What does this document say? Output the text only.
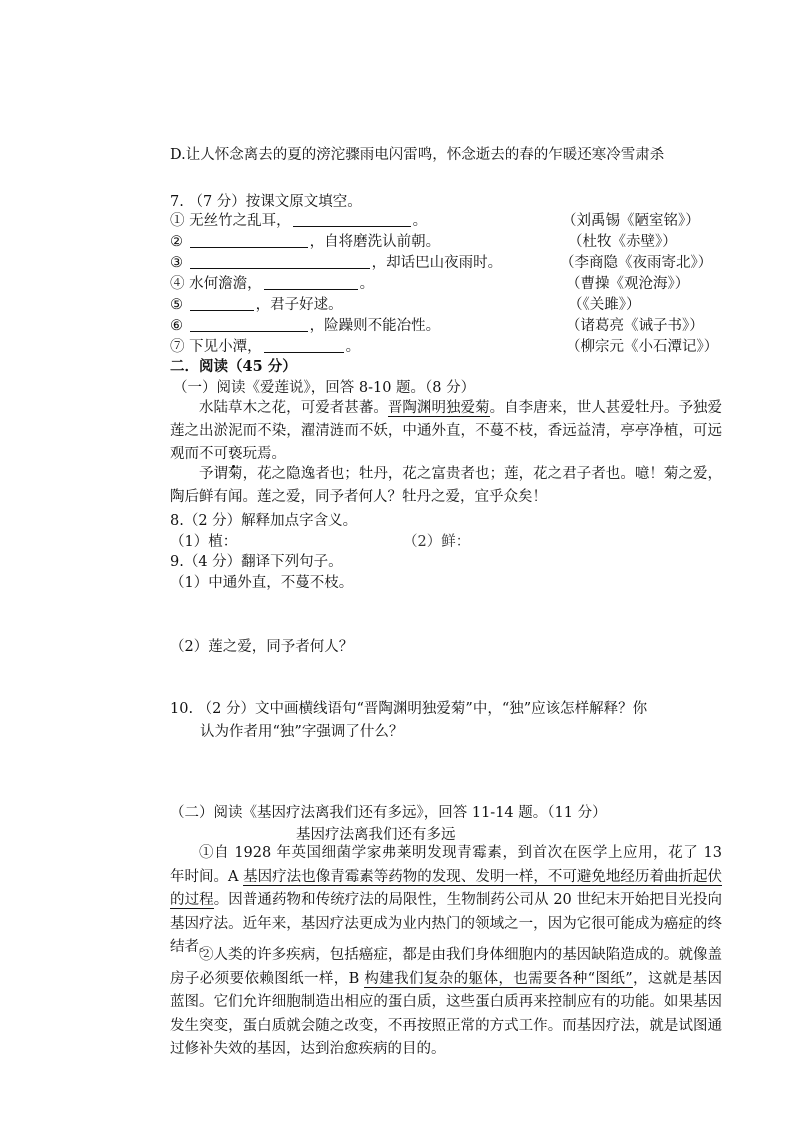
D.让人怀念离去的夏的滂沱骤雨电闪雷鸣，怀念逝去的春的乍暖还寒冷雪肃杀
7. （7 分）按课文原文填空。
① 无丝竹之乱耳，	。	（刘禹锡《陋室铭》）
②	，自将磨洗认前朝。	（杜牧《赤壁》）
③	，却话巴山夜雨时。	（李商隐《夜雨寄北》）
④ 水何澹澹，	。	（曹操《观沧海》）
⑤	，君子好逑。	（《关雎》）
⑥	，险躁则不能冶性。	（诸葛亮《诫子书》）
⑦ 下见小潭，	。	（柳宗元《小石潭记》）
二．阅读（45 分）
（一）阅读《爱莲说》，回答 8-10 题。（8 分）
水陆草木之花，可爱者甚蕃。晋陶渊明独爱菊。自李唐来，世人甚爱牡丹。予独爱莲之出淤泥而不染，濯清涟而不妖，中通外直，不蔓不枝，香远益清，亭亭净植，可远观而不可亵玩焉。
予谓菊，花之隐逸者也；牡丹，花之富贵者也；莲，花之君子者也。噫！菊之爱，陶后鲜有闻。莲之爱，同予者何人？牡丹之爱，宜乎众矣！
8.（2 分）解释加点字含义。
（1）植：	（2）鲜：
9.（4 分）翻译下列句子。
（1）中通外直，不蔓不枝。
（2）莲之爱，同予者何人？
10. （2 分）文中画横线语句“晋陶渊明独爱菊”中，“独”应该怎样解释？你
认为作者用“独”字强调了什么？
（二）阅读《基因疗法离我们还有多远》，回答 11-14 题。（11 分）
基因疗法离我们还有多远
①自 1928 年英国细菌学家弗莱明发现青霉素，到首次在医学上应用，花了 13 年时间。A 基因疗法也像青霉素等药物的发现、发明一样，不可避免地经历着曲折起伏的过程。因普通药物和传统疗法的局限性，生物制药公司从 20 世纪末开始把目光投向基因疗法。近年来，基因疗法更成为业内热门的领域之一，因为它很可能成为癌症的终结者。
②人类的许多疾病，包括癌症，都是由我们身体细胞内的基因缺陷造成的。就像盖房子必须要依赖图纸一样，B 构建我们复杂的躯体，也需要各种“图纸”，这就是基因蓝图。它们允许细胞制造出相应的蛋白质，这些蛋白质再来控制应有的功能。如果基因发生突变，蛋白质就会随之改变，不再按照正常的方式工作。而基因疗法，就是试图通过修补失效的基因，达到治愈疾病的目的。
